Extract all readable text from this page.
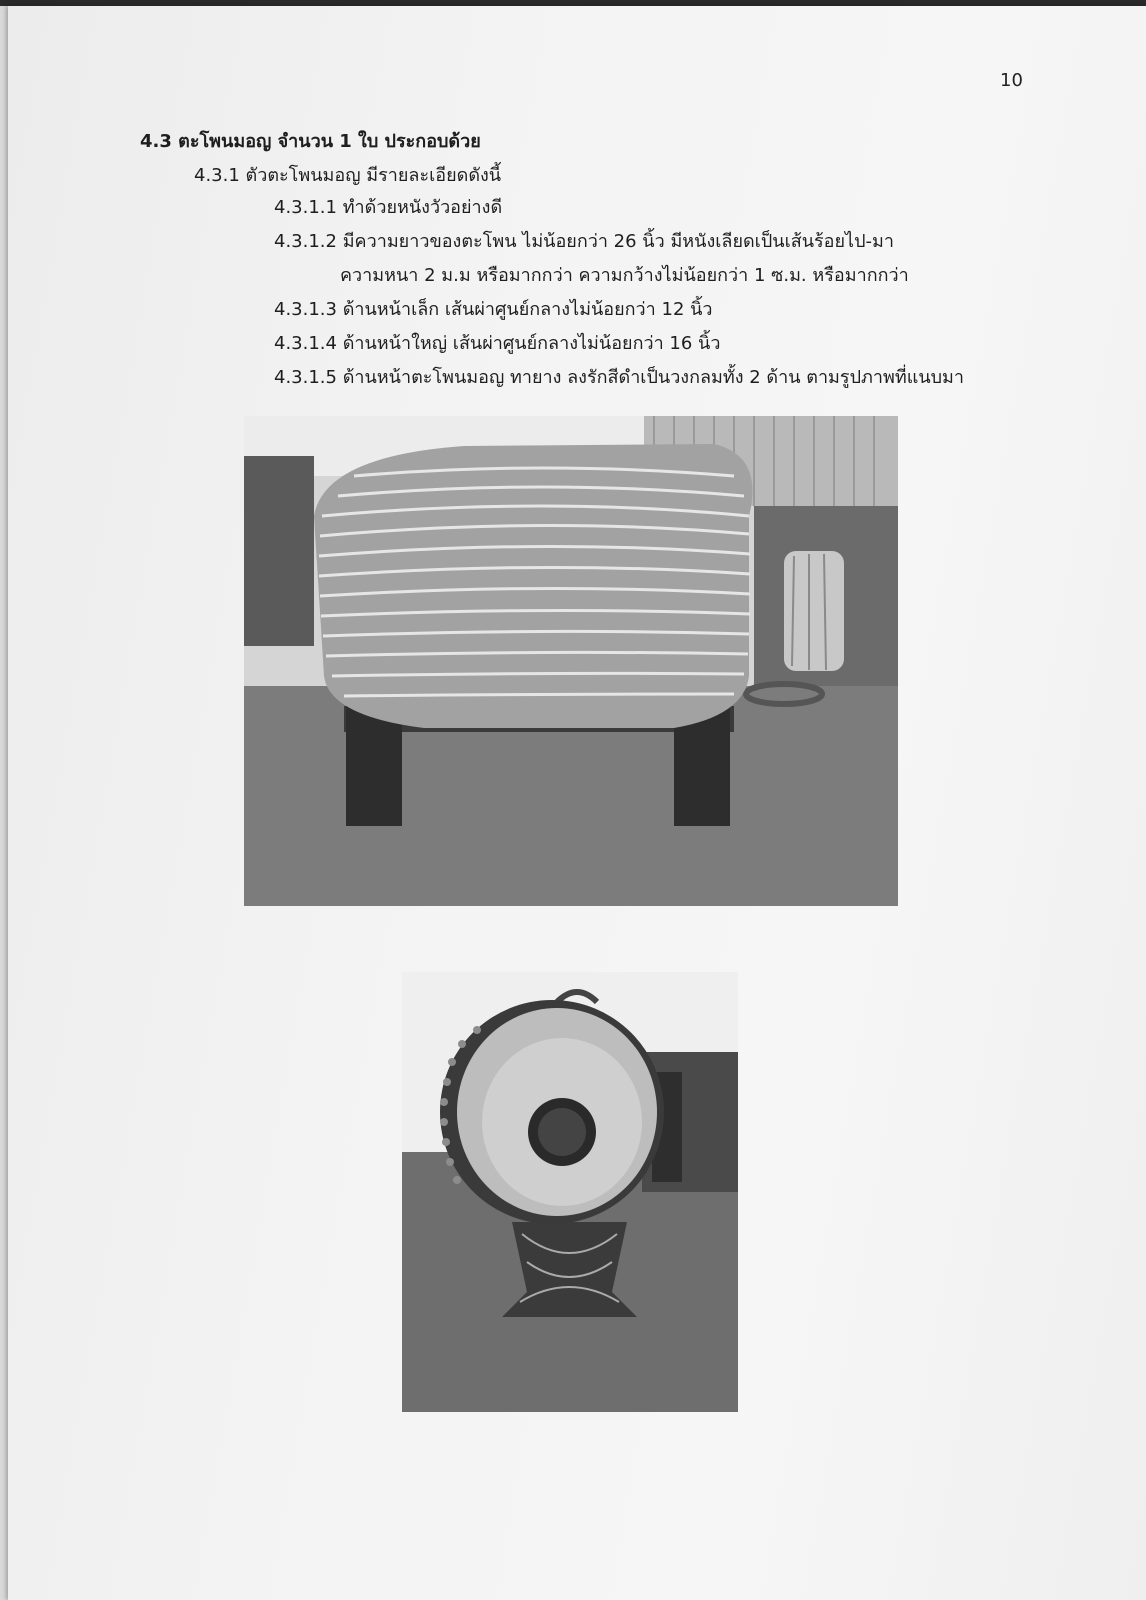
10
4.3 ตะโพนมอญ จำนวน 1 ใบ ประกอบด้วย
4.3.1 ตัวตะโพนมอญ มีรายละเอียดดังนี้
4.3.1.1 ทำด้วยหนังวัวอย่างดี
4.3.1.2 มีความยาวของตะโพน ไม่น้อยกว่า 26 นิ้ว มีหนังเลียดเป็นเส้นร้อยไป-มา
ความหนา 2 ม.ม หรือมากกว่า ความกว้างไม่น้อยกว่า 1 ซ.ม. หรือมากกว่า
4.3.1.3 ด้านหน้าเล็ก เส้นผ่าศูนย์กลางไม่น้อยกว่า 12 นิ้ว
4.3.1.4 ด้านหน้าใหญ่ เส้นผ่าศูนย์กลางไม่น้อยกว่า 16 นิ้ว
4.3.1.5 ด้านหน้าตะโพนมอญ ทายาง ลงรักสีดำเป็นวงกลมทั้ง 2 ด้าน ตามรูปภาพที่แนบมา
